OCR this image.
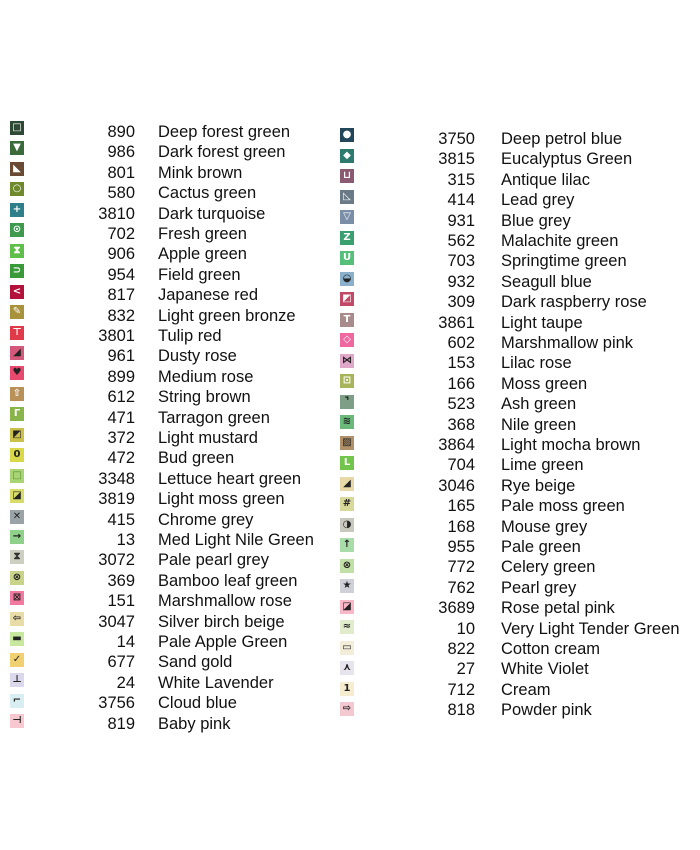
□	890 Deep forest green
▼	986 Dark forest green
◣	801 Mink brown
○	580 Cactus green
+	3810 Dark turquoise
⊙	702 Fresh green
⧗	906 Apple green
⊃	954 Field green
<	817 Japanese red
✎	832 Light green bronze
⊤	3801 Tulip red
◢	961 Dusty rose
♥	899 Medium rose
⇧	612 String brown
Γ	471 Tarragon green
◩	372 Light mustard
0	472 Bud green
□	3348 Lettuce heart green
◪	3819 Light moss green
✕	415 Chrome grey
→	13 Med Light Nile Green
⧗	3072 Pale pearl grey
⊗	369 Bamboo leaf green
⊠	151 Marshmallow rose
⇦	3047 Silver birch beige
▬	14 Pale Apple Green
✓	677 Sand gold
⊥	24 White Lavender
⌐	3756 Cloud blue
⊣	819 Baby pink
●	3750 Deep petrol blue
◆	3815 Eucalyptus Green
⊔	315 Antique lilac
◺	414 Lead grey
▽	931 Blue grey
Z	562 Malachite green
U	703 Springtime green
◒	932 Seagull blue
◩	309 Dark raspberry rose
T	3861 Light taupe
◇	602 Marshmallow pink
⋈	153 Lilac rose
⊡	166 Moss green
⌝	523 Ash green
≋	368 Nile green
▨	3864 Light mocha brown
L	704 Lime green
◢	3046 Rye beige
#	165 Pale moss green
◑	168 Mouse grey
↑	955 Pale green
⊗	772 Celery green
★	762 Pearl grey
◪	3689 Rose petal pink
≈	10 Very Light Tender Green
▭	822 Cotton cream
⋏	27 White Violet
1	712 Cream
⇨	818 Powder pink
